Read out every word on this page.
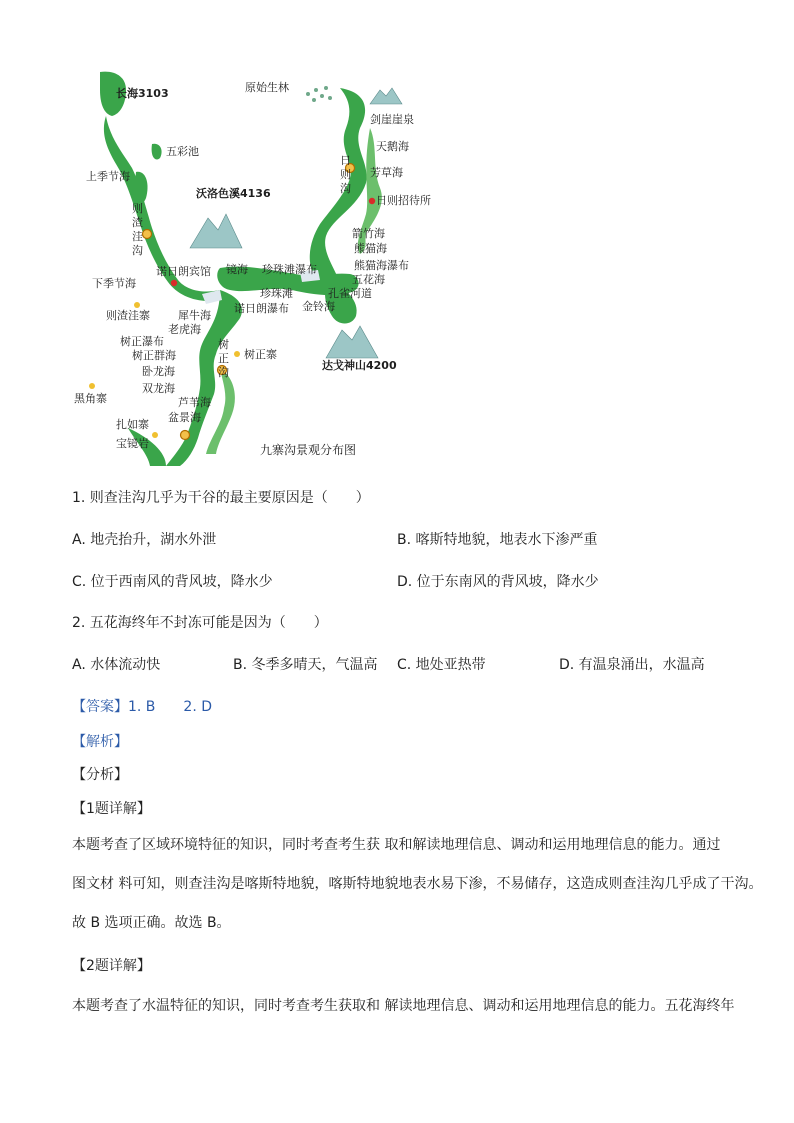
长海3103	原始生林
剑崖崖泉
五彩池	天鹅海
上季节海	芳草海
沃洛色溪4136
日则招待所
箭竹海
熊猫海
熊猫海瀑布
诺日朗宾馆 镜海 珍珠滩瀑布
五花海
下季节海
孔雀河道
珍珠滩
金铃海
诺日朗瀑布
则渣洼寨	犀牛海
老虎海
树正瀑布
树正群海	树正寨
达戈神山4200
卧龙海
双龙海
黑角寨	芦苇海
盆景海
扎如寨
宝镜岩
日则沟
则渣洼沟
树正沟
九寨沟景观分布图
1. 则查洼沟几乎为干谷的最主要原因是（　　）
A. 地壳抬升，湖水外泄	B. 喀斯特地貌，地表水下渗严重
C. 位于西南风的背风坡，降水少	D. 位于东南风的背风坡，降水少
2. 五花海终年不封冻可能是因为（　　）
A. 水体流动快	B. 冬季多晴天，气温高 C. 地处亚热带	D. 有温泉涌出，水温高
【答案】1. B 2. D
【解析】
【分析】
【1题详解】
本题考查了区域环境特征的知识，同时考查考生获 取和解读地理信息、调动和运用地理信息的能力。通过
图文材 料可知，则查洼沟是喀斯特地貌，喀斯特地貌地表水易下渗，不易储存，这造成则查洼沟几乎成了干沟。
故 B 选项正确。故选 B。
【2题详解】
本题考查了水温特征的知识，同时考查考生获取和 解读地理信息、调动和运用地理信息的能力。五花海终年
